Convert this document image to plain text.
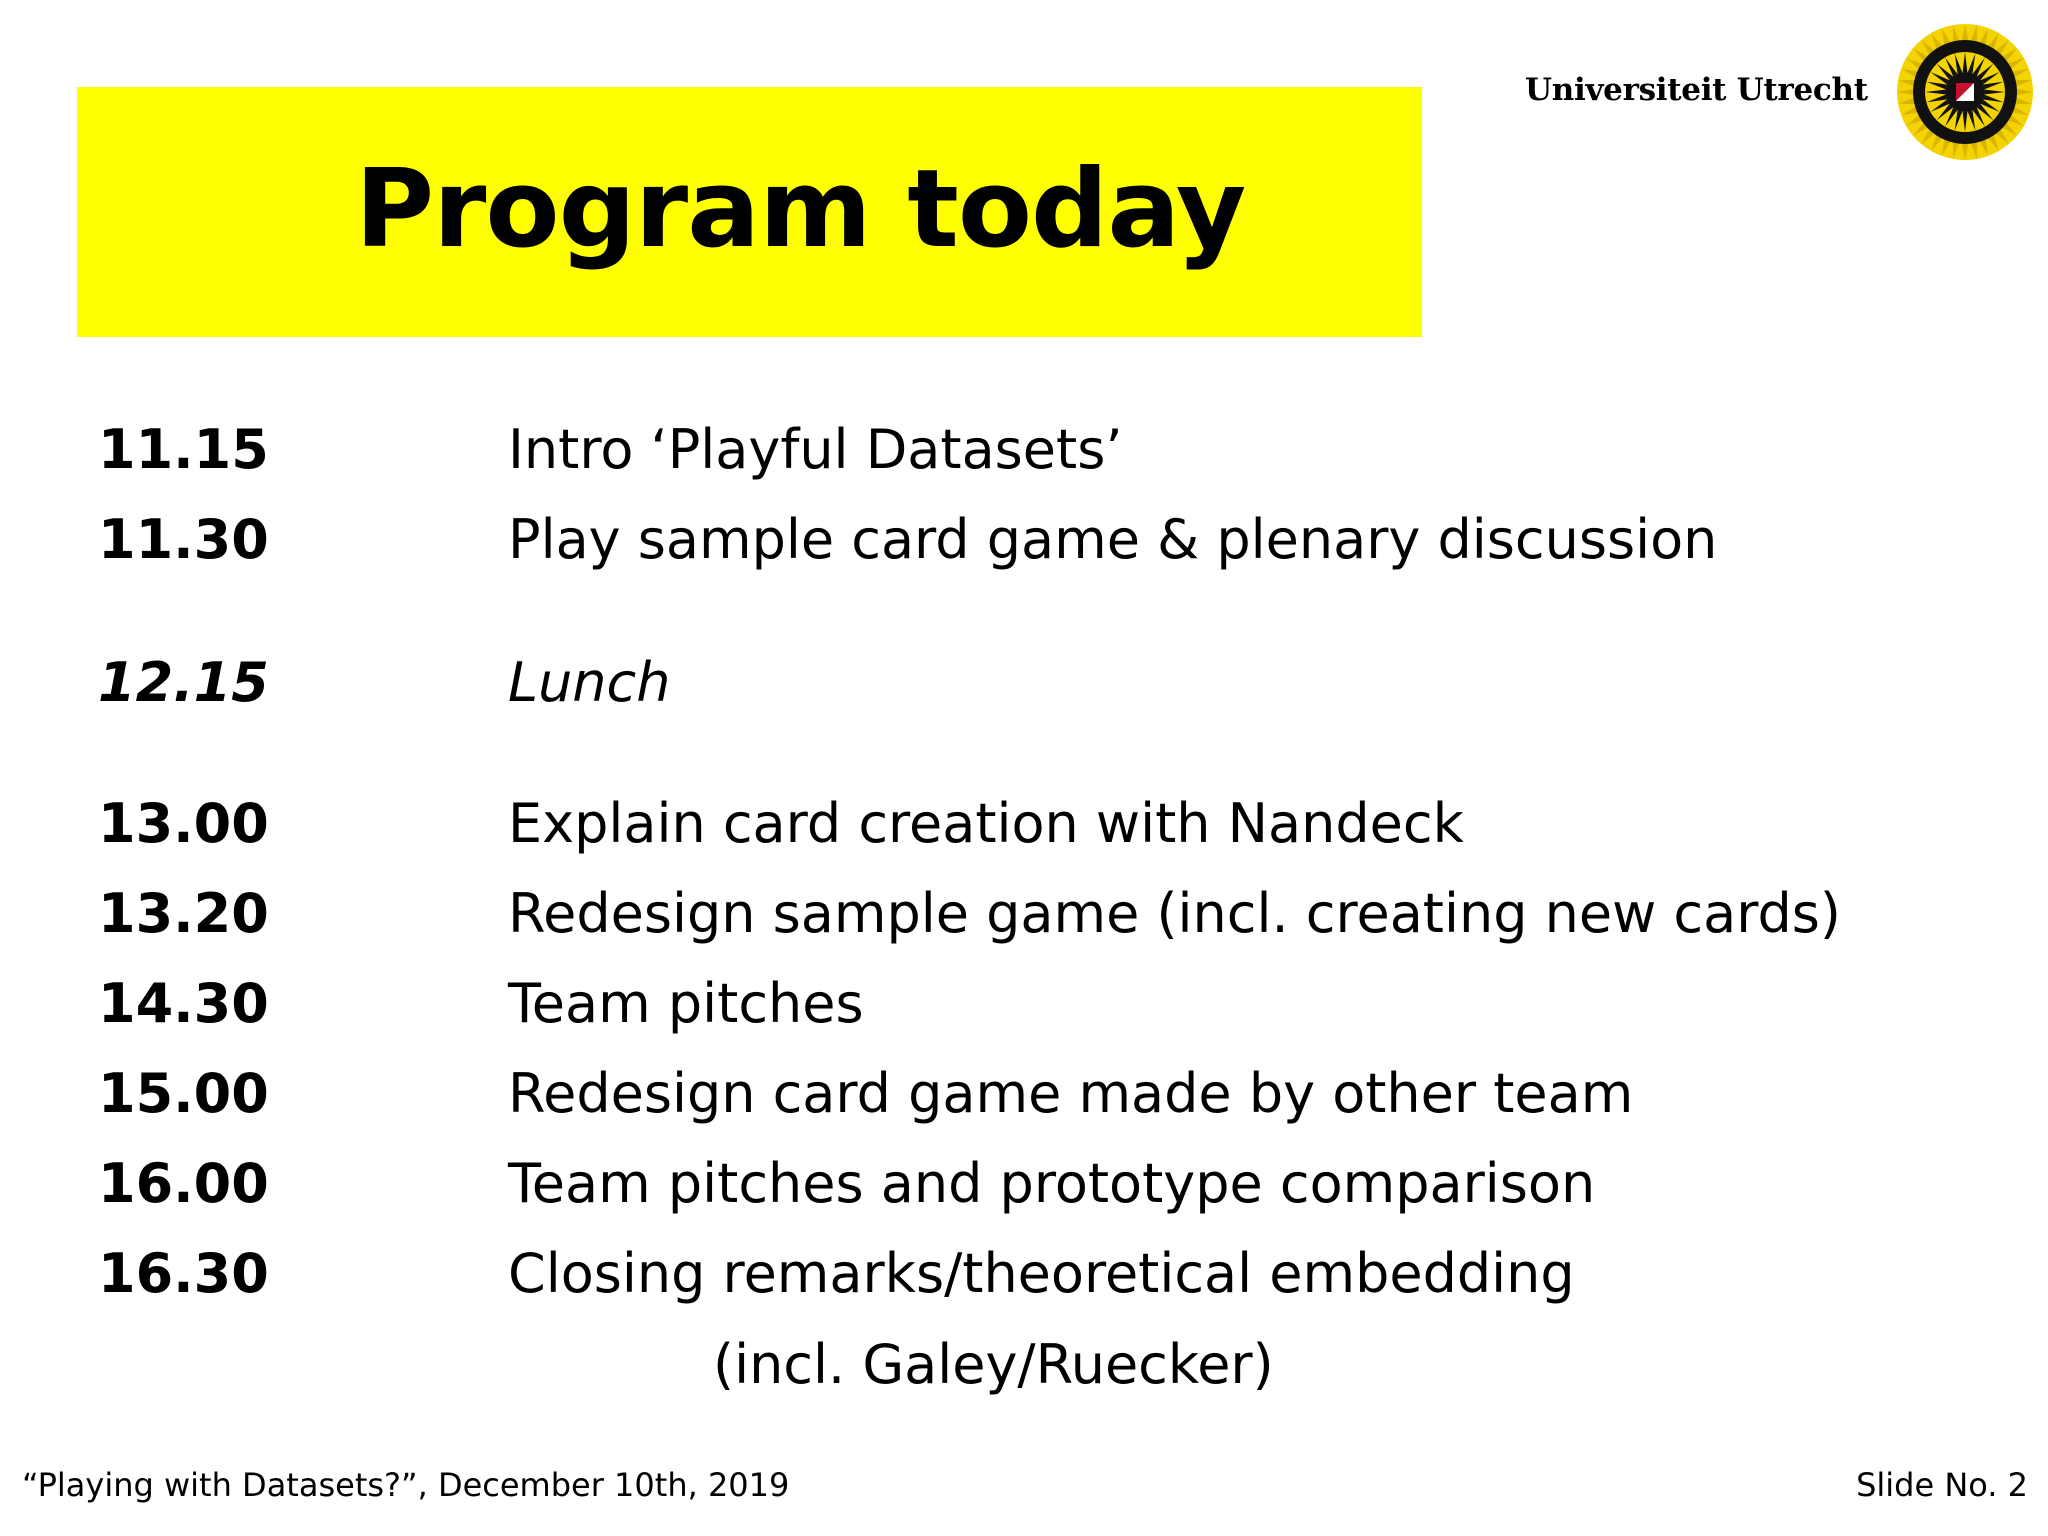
Program today
Universiteit Utrecht
11.15	Intro ‘Playful Datasets’
11.30	Play sample card game & plenary discussion
12.15	Lunch
13.00	Explain card creation with Nandeck
13.20	Redesign sample game (incl. creating new cards)
14.30	Team pitches
15.00	Redesign card game made by other team
16.00	Team pitches and prototype comparison
16.30	Closing remarks/theoretical embedding
(incl. Galey/Ruecker)
“Playing with Datasets?”, December 10th, 2019	Slide No. 2
